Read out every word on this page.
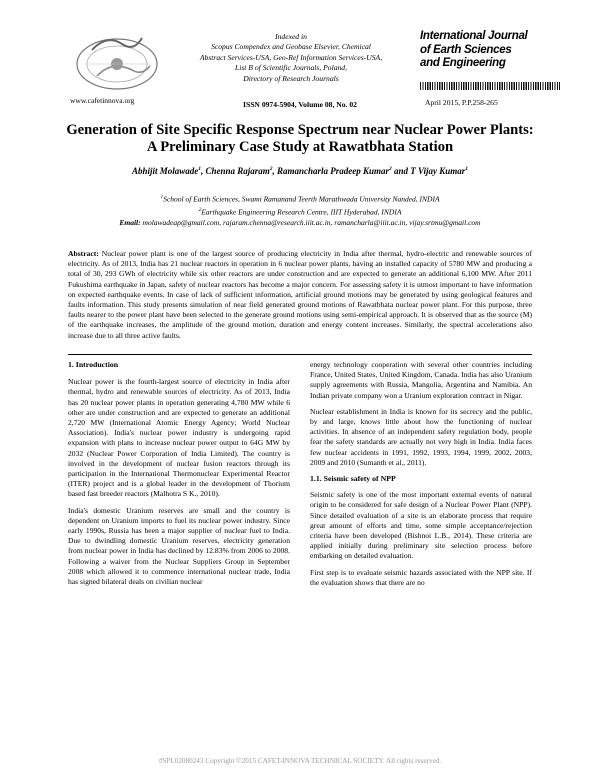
www.cafetinnova.org
Indexed in
Scopus Compendex and Geobase Elsevier, Chemical
Abstract Services-USA, Geo-Ref Information Services-USA,
List B of Scientific Journals, Poland,
Directory of Research Journals
International Journal
of Earth Sciences
and Engineering
ISSN 0974-5904, Volume 08, No. 02	April 2015, P.P.258-265
Generation of Site Specific Response Spectrum near Nuclear Power Plants: A Preliminary Case Study at Rawatbhata Station
Abhijit Molawade$^1$, Chenna Rajaram$^2$, Ramancharla Pradeep Kumar$^2$ and T Vijay Kumar$^1$
$^1$School of Earth Sciences, Swami Ramanand Teerth Marathwada University Nanded, INDIA
$^2$Earthquake Engineering Research Centre, IIIT Hyderabad, INDIA
Email: molawadeap@gmail.com, rajaram.chenna@research.iiit.ac.in, ramancharla@iiit.ac.in, vijay.srtmu@gmail.com
Abstract: Nuclear power plant is one of the largest source of producing electricity in India after thermal, hydro-electric and renewable sources of electricity. As of 2013, India has 21 nuclear reactors in operation in 6 nuclear power plants, having an installed capacity of 5780 MW and producing a total of 30, 293 GWh of electricity while six other reactors are under construction and are expected to generate an additional 6,100 MW. After 2011 Fukushima earthquake in Japan, safety of nuclear reactors has become a major concern. For assessing safety it is utmost important to have information on expected earthquake events. In case of lack of sufficient information, artificial ground motions may be generated by using geological features and faults information. This study presents simulation of near field generated ground motions of Rawatbhata nuclear power plant. For this purpose, three faults nearer to the power plant have been selected to the generate ground motions using semi-empirical approach. It is observed that as the source (M) of the earthquake increases, the amplitude of the ground motion, duration and energy content increases. Similarly, the spectral accelerations also increase due to all three active faults.
1. Introduction

Nuclear power is the fourth-largest source of electricity in India after thermal, hydro and renewable sources of electricity. As of 2013, India has 20 nuclear power plants in operation generating 4,780 MW while 6 other are under construction and are expected to generate an additional 2,720 MW (International Atomic Energy Agency; World Nuclear Association). India's nuclear power industry is undergoing rapid expansion with plans to increase nuclear power output to 64G MW by 2032 (Nuclear Power Corporation of India Limited). The country is involved in the development of nuclear fusion reactors through its participation in the International Thermonuclear Experimental Reactor (ITER) project and is a global leader in the development of Thorium based fast breeder reactors (Malhotra S K., 2010).

India's domestic Uranium reserves are small and the country is dependent on Uranium imports to fuel its nuclear power industry. Since early 1990s, Russia has been a major supplier of nuclear fuel to India. Due to dwindling domestic Uranium reserves, electricity generation from nuclear power in India has declined by 12.83% from 2006 to 2008. Following a waiver from the Nuclear Suppliers Group in September 2008 which allowed it to commence international nuclear trade, India has signed bilateral deals on civilian nuclear

energy technology cooperation with several other countries including France, United States, United Kingdom, Canada. India has also Uranium supply agreements with Russia, Mangolia, Argentina and Namibia. An Indian private company won a Uranium exploration contract in Nigar.

Nuclear establishment in India is known for its secrecy and the public, by and large, knows little about how the functioning of nuclear activities. In absence of an independent safety regulation body, people fear the safety standards are actually not very high in India. India faces few nuclear accidents in 1991, 1992, 1993, 1994, 1999, 2002, 2003, 2009 and 2010 (Sumanth et al., 2011).

1.1. Seismic safety of NPP

Seismic safety is one of the most important external events of natural origin to be considered for safe design of a Nuclear Power Plant (NPP). Since detailed evaluation of a site is an elaborate process that require great amount of efforts and time, some simple acceptance/rejection criteria have been developed (Bishnoi L.B., 2014). These criteria are applied initially during preliminary site selection process before embarking on detailed evaluation.

First step is to evaluate seismic hazards associated with the NPP site. If the evaluation shows that there are no

#SPL02080243 Copyright ©2015 CAFET-INNOVA TECHNICAL SOCIETY. All rights reserved.
